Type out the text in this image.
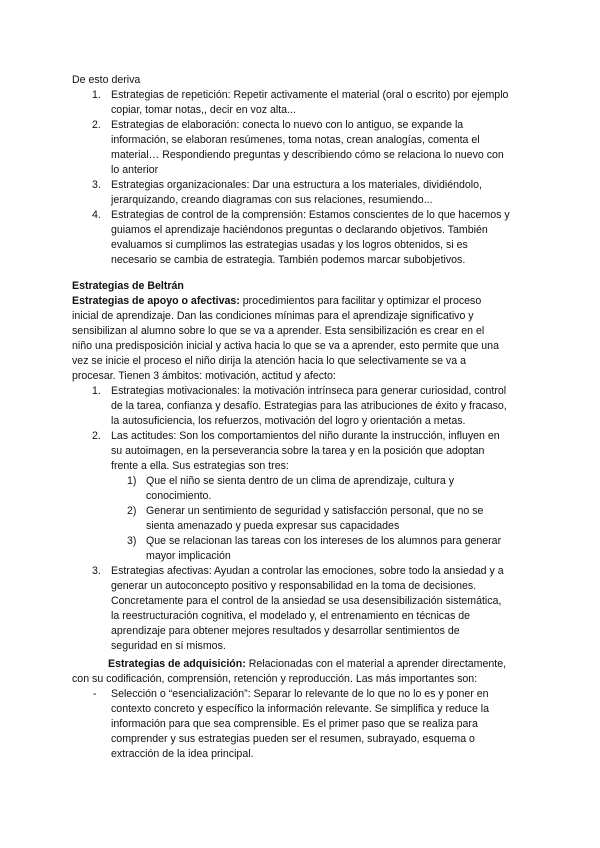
De esto deriva
1. Estrategias de repetición: Repetir activamente el material (oral o escrito) por ejemplo
copiar, tomar notas,, decir en voz alta...
2. Estrategias de elaboración: conecta lo nuevo con lo antiguo, se expande la
información, se elaboran resúmenes, toma notas, crean analogías, comenta el
material… Respondiendo preguntas y describiendo cómo se relaciona lo nuevo con
lo anterior
3. Estrategias organizacionales: Dar una estructura a los materiales, dividiéndolo,
jerarquizando, creando diagramas con sus relaciones, resumiendo...
4. Estrategias de control de la comprensión: Estamos conscientes de lo que hacemos y
guiamos el aprendizaje haciéndonos preguntas o declarando objetivos. También
evaluamos si cumplimos las estrategias usadas y los logros obtenidos, si es
necesario se cambia de estrategia. También podemos marcar subobjetivos.
Estrategias de Beltrán
Estrategias de apoyo o afectivas: procedimientos para facilitar y optimizar el proceso
inicial de aprendizaje. Dan las condiciones mínimas para el aprendizaje significativo y
sensibilizan al alumno sobre lo que se va a aprender. Esta sensibilización es crear en el
niño una predisposición inicial y activa hacia lo que se va a aprender, esto permite que una
vez se inicie el proceso el niño dirija la atención hacia lo que selectivamente se va a
procesar. Tienen 3 ámbitos: motivación, actitud y afecto:
1. Estrategias motivacionales: la motivación intrínseca para generar curiosidad, control
de la tarea, confianza y desafío. Estrategias para las atribuciones de éxito y fracaso,
la autosuficiencia, los refuerzos, motivación del logro y orientación a metas.
2. Las actitudes: Son los comportamientos del niño durante la instrucción, influyen en
su autoimagen, en la perseverancia sobre la tarea y en la posición que adoptan
frente a ella. Sus estrategias son tres:
1) Que el niño se sienta dentro de un clima de aprendizaje, cultura y
conocimiento.
2) Generar un sentimiento de seguridad y satisfacción personal, que no se
sienta amenazado y pueda expresar sus capacidades
3) Que se relacionan las tareas con los intereses de los alumnos para generar
mayor implicación
3. Estrategias afectivas: Ayudan a controlar las emociones, sobre todo la ansiedad y a
generar un autoconcepto positivo y responsabilidad en la toma de decisiones.
Concretamente para el control de la ansiedad se usa desensibilización sistemática,
la reestructuración cognitiva, el modelado y, el entrenamiento en técnicas de
aprendizaje para obtener mejores resultados y desarrollar sentimientos de
seguridad en sí mismos.
Estrategias de adquisición: Relacionadas con el material a aprender directamente,
con su codificación, comprensión, retención y reproducción. Las más importantes son:
- Selección o “esencialización”: Separar lo relevante de lo que no lo es y poner en
contexto concreto y específico la información relevante. Se simplifica y reduce la
información para que sea comprensible. Es el primer paso que se realiza para
comprender y sus estrategias pueden ser el resumen, subrayado, esquema o
extracción de la idea principal.
